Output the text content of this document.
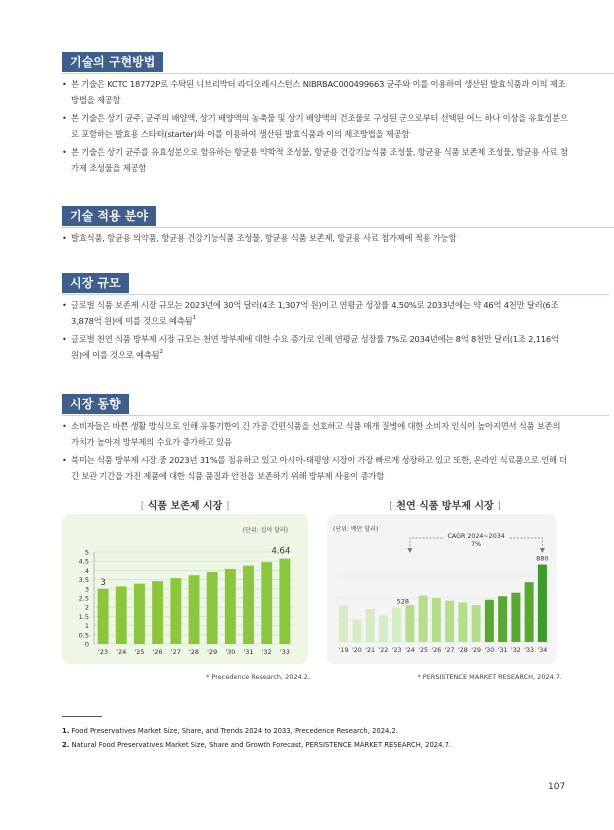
기술의 구현방법
• 본 기술은 KCTC 18772P로 수탁된 니브리박터 라디오레시스턴스 NIBRBAC000499663 균주와 이를 이용하여 생산된 발효식품과 이의 제조방법을 제공함
• 본 기술은 상기 균주, 균주의 배양액, 상기 배양액의 농축물 및 상기 배양액의 건조물로 구성된 군으로부터 선택된 어느 하나 이상을 유효성분으로 포함하는 발효용 스타터(starter)와 이를 이용하여 생산된 발효식품과 이의 제조방법을 제공함
• 본 기술은 상기 균주를 유효성분으로 함유하는 항균용 약학적 조성물, 항균용 건강기능식품 조성물, 항균용 식품 보존제 조성물, 항균용 사료 첨가제 조성물을 제공함
기술 적용 분야
• 발효식품, 항균용 의약품, 항균용 건강기능식품 조성물, 항균용 식품 보존제, 항균용 사료 첨가제에 적용 가능함
시장 규모
• 글로벌 식품 보존제 시장 규모는 2023년에 30억 달러(4조 1,307억 원)이고 연평균 성장률 4.50%로 2033년에는 약 46억 4천만 달러(6조 3,878억 원)에 이를 것으로 예측됨$^1$
• 글로벌 천연 식품 방부제 시장 규모는 천연 방부제에 대한 수요 증가로 인해 연평균 성장률 7%로 2034년에는 8억 8천만 달러(1조 2,116억 원)에 이를 것으로 예측됨$^2$
시장 동향
• 소비자들은 바쁜 생활 방식으로 인해 유통기한이 긴 가공 간편식품을 선호하고 식품 매개 질병에 대한 소비자 인식이 높아지면서 식품 보존의 가치가 높아져 방부제의 수요가 증가하고 있음
• 북미는 식품 방부제 시장 중 2023년 31%를 점유하고 있고 아시아-태평양 시장이 가장 빠르게 성장하고 있고 또한, 온라인 식료품으로 인해 더 긴 보관 기간을 가진 제품에 대한 식품 품질과 안전을 보존하기 위해 방부제 사용이 증가함
[ 식품 보존제 시장 ]
(단위: 십억 달러)
0
0.5
1
1.5
2
2.5
3
3.5
4
4.5
5
'23 '24 '25 '26 '27 '28 '29 '30 '31 '32 '33
3
4.64
* Precedence Research, 2024.2.
[ 천연 식품 방부제 시장 ]
(단위: 백만 달러)
'19 '20 '21 '22 '23 '24 '25 '26 '27 '28 '29 '30 '31 '32 '33 '34
528
880
CAGR 2024~2034
7%
* PERSISTENCE MARKET RESEARCH, 2024.7.
1. Food Preservatives Market Size, Share, and Trends 2024 to 2033, Precedence Research, 2024.2.
2. Natural Food Preservatives Market Size, Share and Growth Forecast, PERSISTENCE MARKET RESEARCH, 2024.7.
107
